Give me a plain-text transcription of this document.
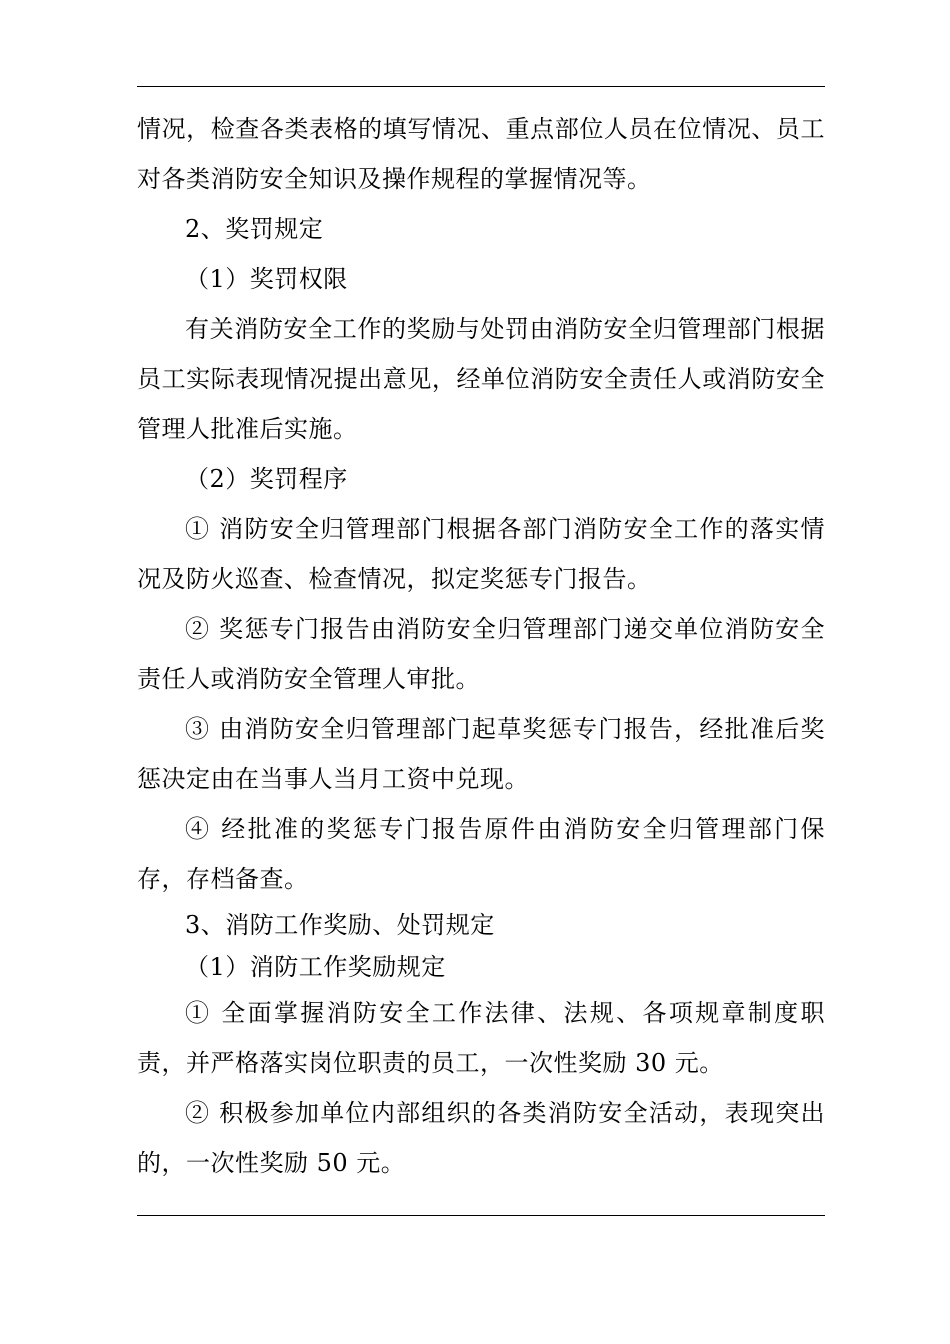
情况，检查各类表格的填写情况、重点部位人员在位情况、员工对各类消防安全知识及操作规程的掌握情况等。

2、奖罚规定

（1）奖罚权限

有关消防安全工作的奖励与处罚由消防安全归管理部门根据员工实际表现情况提出意见，经单位消防安全责任人或消防安全管理人批准后实施。

（2）奖罚程序

① 消防安全归管理部门根据各部门消防安全工作的落实情况及防火巡查、检查情况，拟定奖惩专门报告。

② 奖惩专门报告由消防安全归管理部门递交单位消防安全责任人或消防安全管理人审批。

③ 由消防安全归管理部门起草奖惩专门报告，经批准后奖惩决定由在当事人当月工资中兑现。

④ 经批准的奖惩专门报告原件由消防安全归管理部门保存，存档备查。

3、消防工作奖励、处罚规定

（1）消防工作奖励规定

① 全面掌握消防安全工作法律、法规、各项规章制度职责，并严格落实岗位职责的员工，一次性奖励 30 元。

② 积极参加单位内部组织的各类消防安全活动，表现突出的，一次性奖励 50 元。
